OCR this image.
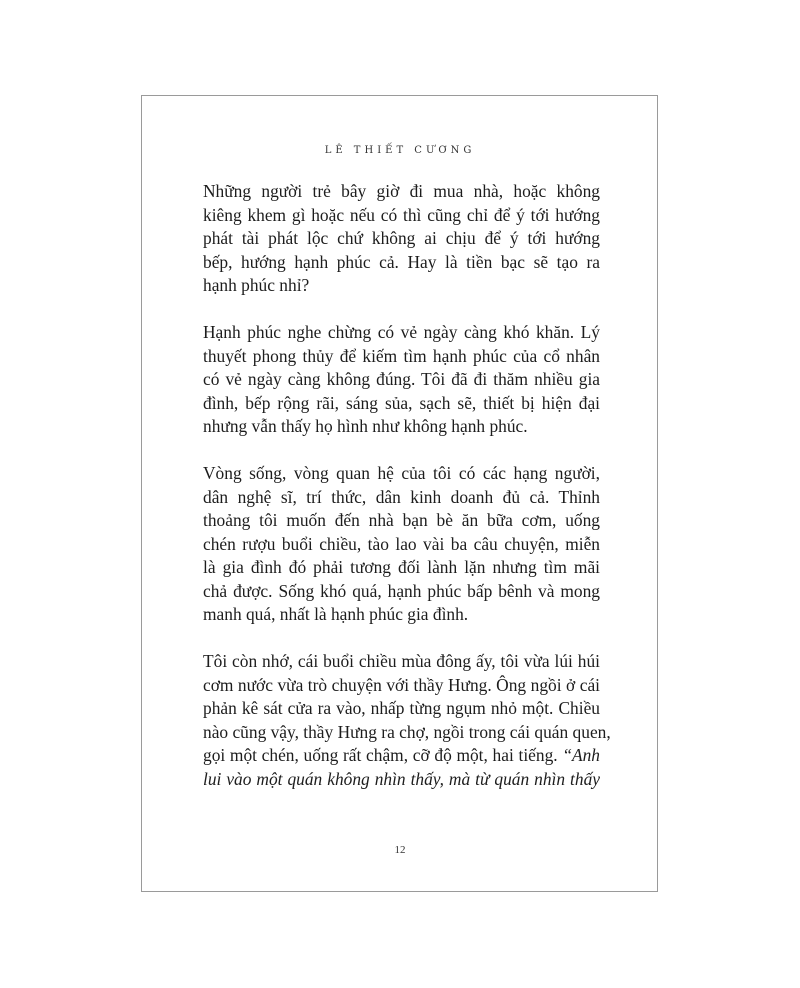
LÊ THIẾT CƯƠNG
Những người trẻ bây giờ đi mua nhà, hoặc không
kiêng khem gì hoặc nếu có thì cũng chỉ để ý tới hướng
phát tài phát lộc chứ không ai chịu để ý tới hướng
bếp, hướng hạnh phúc cả. Hay là tiền bạc sẽ tạo ra
hạnh phúc nhỉ?
Hạnh phúc nghe chừng có vẻ ngày càng khó khăn. Lý
thuyết phong thủy để kiếm tìm hạnh phúc của cổ nhân
có vẻ ngày càng không đúng. Tôi đã đi thăm nhiều gia
đình, bếp rộng rãi, sáng sủa, sạch sẽ, thiết bị hiện đại
nhưng vẫn thấy họ hình như không hạnh phúc.
Vòng sống, vòng quan hệ của tôi có các hạng người,
dân nghệ sĩ, trí thức, dân kinh doanh đủ cả. Thỉnh
thoảng tôi muốn đến nhà bạn bè ăn bữa cơm, uống
chén rượu buổi chiều, tào lao vài ba câu chuyện, miễn
là gia đình đó phải tương đối lành lặn nhưng tìm mãi
chả được. Sống khó quá, hạnh phúc bấp bênh và mong
manh quá, nhất là hạnh phúc gia đình.
Tôi còn nhớ, cái buổi chiều mùa đông ấy, tôi vừa lúi húi
cơm nước vừa trò chuyện với thầy Hưng. Ông ngồi ở cái
phản kê sát cửa ra vào, nhấp từng ngụm nhỏ một. Chiều
nào cũng vậy, thầy Hưng ra chợ, ngồi trong cái quán quen,
gọi một chén, uống rất chậm, cỡ độ một, hai tiếng. “Anh
lui vào một quán không nhìn thấy, mà từ quán nhìn thấy
12
